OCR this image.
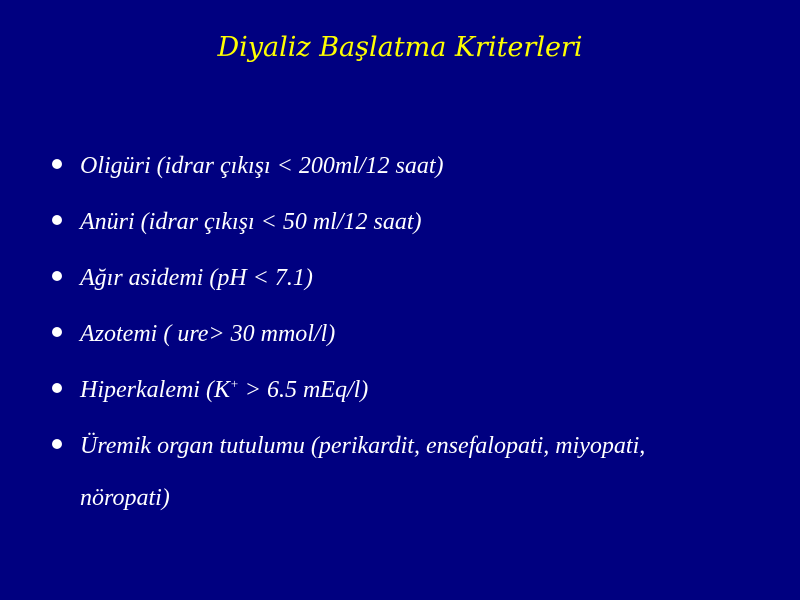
Diyaliz Başlatma Kriterleri
Oligüri (idrar çıkışı < 200ml/12 saat)
Anüri (idrar çıkışı < 50 ml/12 saat)
Ağır asidemi (pH < 7.1)
Azotemi ( ure> 30 mmol/l)
Hiperkalemi (K+ > 6.5 mEq/l)
Üremik organ tutulumu (perikardit, ensefalopati, miyopati, nöropati)
